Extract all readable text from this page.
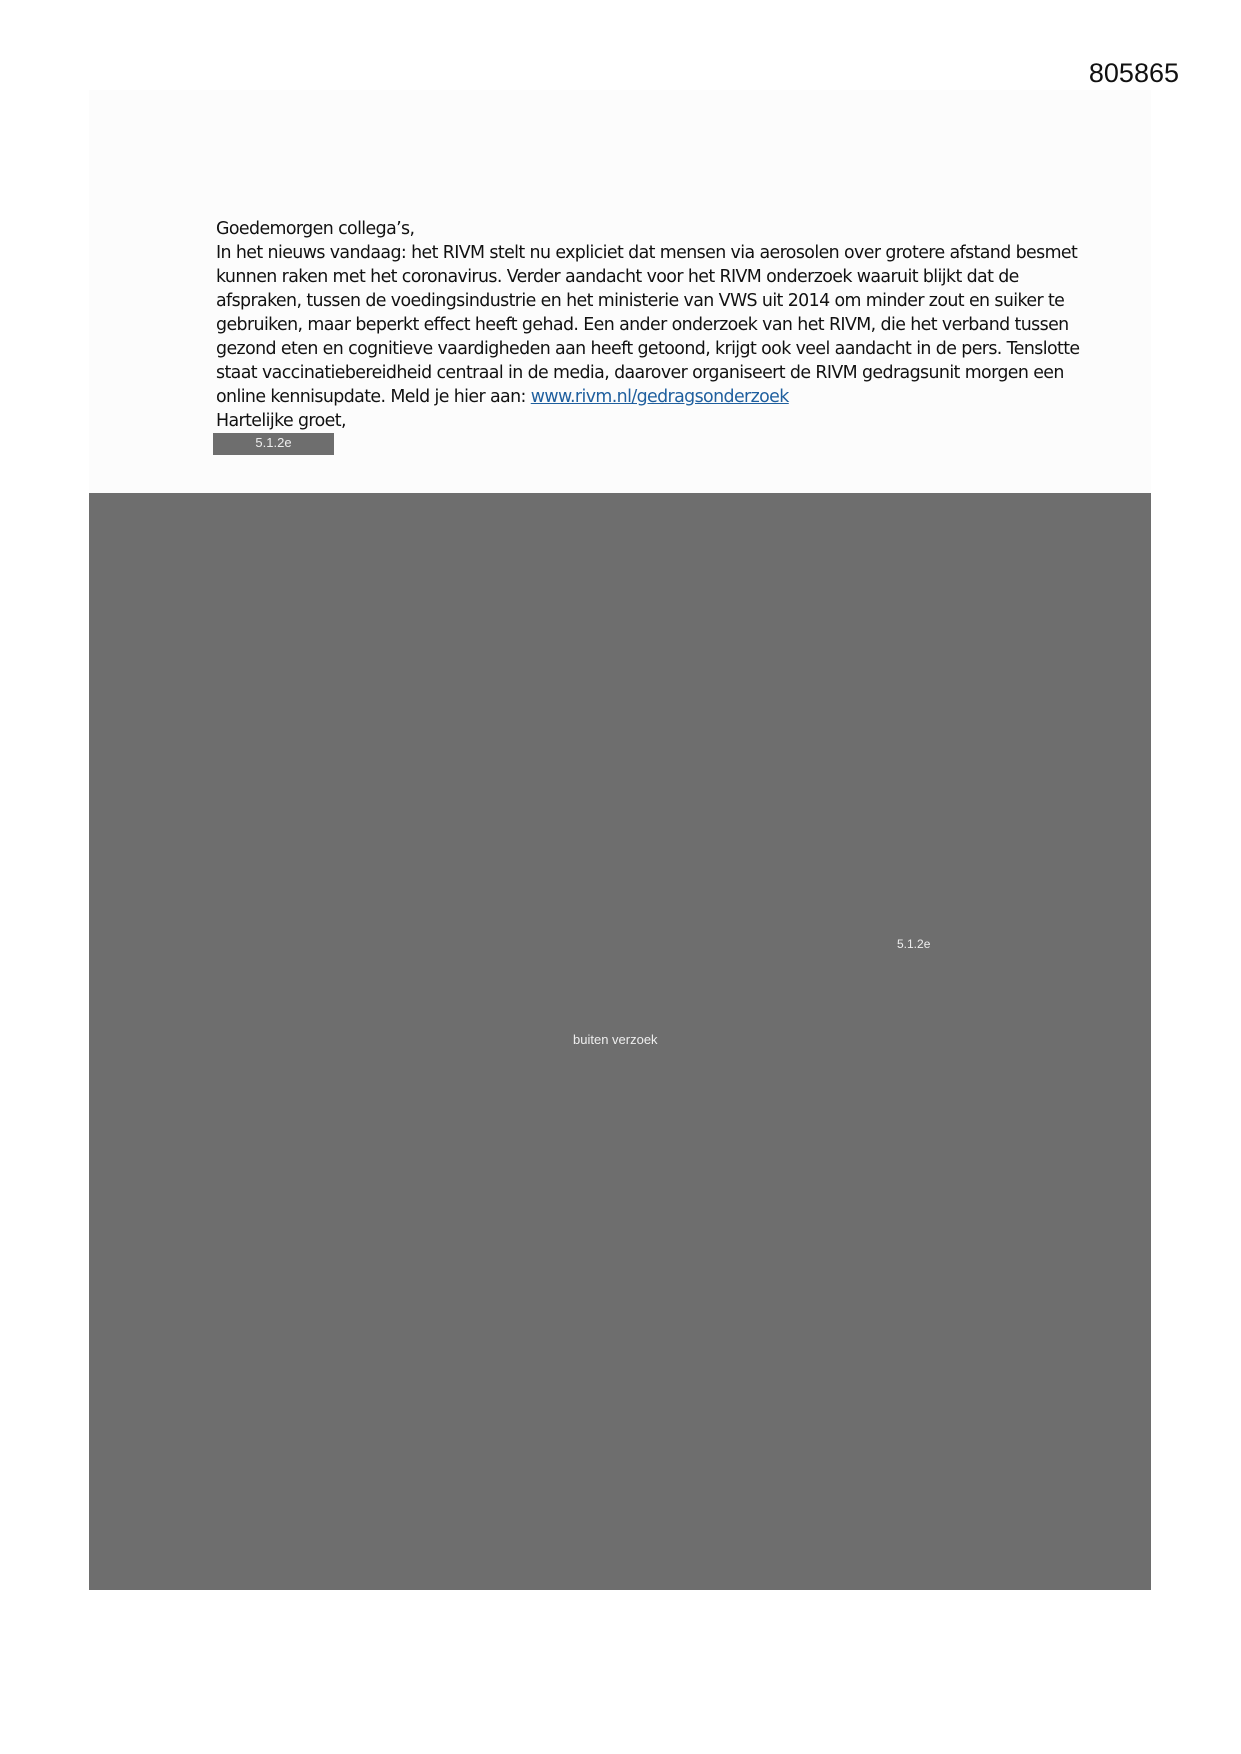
805865

Goedemorgen collega’s,

In het nieuws vandaag: het RIVM stelt nu expliciet dat mensen via aerosolen over grotere afstand besmet kunnen raken met het coronavirus. Verder aandacht voor het RIVM onderzoek waaruit blijkt dat de afspraken, tussen de voedingsindustrie en het ministerie van VWS uit 2014 om minder zout en suiker te gebruiken, maar beperkt effect heeft gehad. Een ander onderzoek van het RIVM, die het verband tussen gezond eten en cognitieve vaardigheden aan heeft getoond, krijgt ook veel aandacht in de pers. Tenslotte staat vaccinatiebereidheid centraal in de media, daarover organiseert de RIVM gedragsunit morgen een online kennisupdate. Meld je hier aan: www.rivm.nl/gedragsonderzoek

Hartelijke groet,

5.1.2e
5.1.2e
buiten verzoek
